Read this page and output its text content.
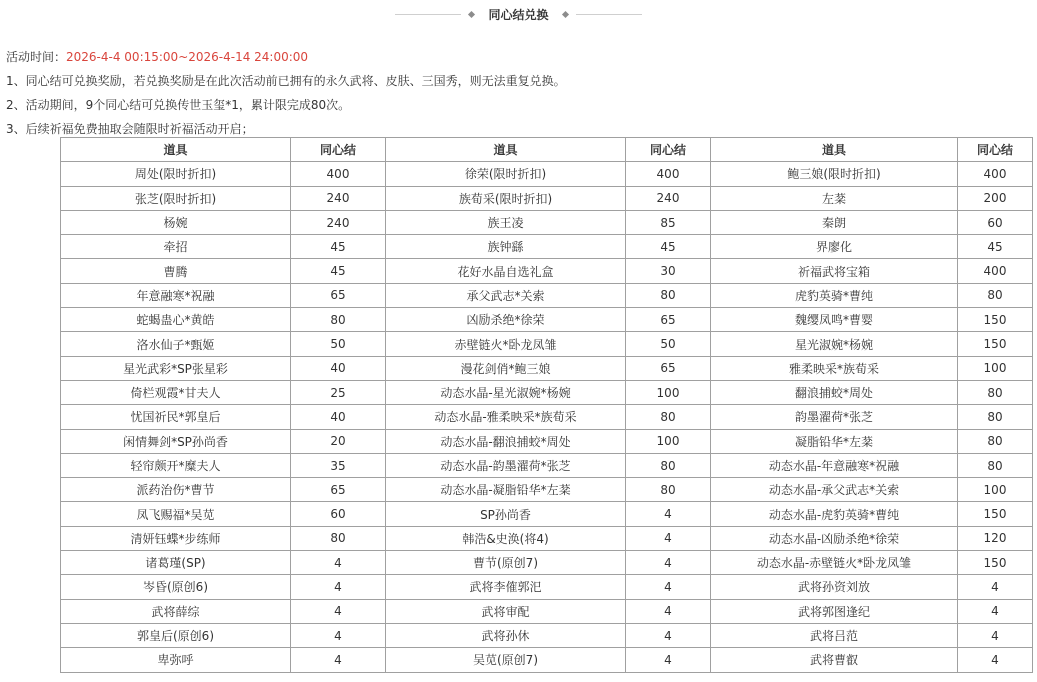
同心结兑换
活动时间：2026-4-4 00:15:00~2026-4-14 24:00:00
1、同心结可兑换奖励，若兑换奖励是在此次活动前已拥有的永久武将、皮肤、三国秀，则无法重复兑换。
2、活动期间，9个同心结可兑换传世玉玺*1，累计限完成80次。
3、后续祈福免费抽取会随限时祈福活动开启；
道具	同心结	道具	同心结	道具	同心结
周处(限时折扣)	400	徐荣(限时折扣)	400	鲍三娘(限时折扣)	400
张芝(限时折扣)	240	族荀采(限时折扣)	240	左棻	200
杨婉	240	族王凌	85	秦朗	60
牵招	45	族钟繇	45	界廖化	45
曹腾	45	花好水晶自选礼盒	30	祈福武将宝箱	400
年意融寒*祝融	65	承父武志*关索	80	虎豹英骑*曹纯	80
蛇蝎蛊心*黄皓	80	凶励杀绝*徐荣	65	魏缨凤鸣*曹婴	150
洛水仙子*甄姬	50	赤壁链火*卧龙凤雏	50	星光淑婉*杨婉	150
星光武彩*SP张星彩	40	漫花剑俏*鲍三娘	65	雅柔映采*族荀采	100
倚栏观霞*甘夫人	25	动态水晶-星光淑婉*杨婉	100	翻浪捕蛟*周处	80
忧国祈民*郭皇后	40	动态水晶-雅柔映采*族荀采	80	韵墨濯荷*张芝	80
闲情舞剑*SP孙尚香	20	动态水晶-翻浪捕蛟*周处	100	凝脂铅华*左棻	80
轻帘颇开*糜夫人	35	动态水晶-韵墨濯荷*张芝	80	动态水晶-年意融寒*祝融	80
派药治伤*曹节	65	动态水晶-凝脂铅华*左棻	80	动态水晶-承父武志*关索	100
凤飞赐福*吴苋	60	SP孙尚香	4	动态水晶-虎豹英骑*曹纯	150
清妍钰蝶*步练师	80	韩浩&史涣(将4)	4	动态水晶-凶励杀绝*徐荣	120
诸葛瑾(SP)	4	曹节(原创7)	4	动态水晶-赤壁链火*卧龙凤雏	150
岑昏(原创6)	4	武将李傕郭汜	4	武将孙资刘放	4
武将薛综	4	武将审配	4	武将郭图逢纪	4
郭皇后(原创6)	4	武将孙休	4	武将吕范	4
卑弥呼	4	吴苋(原创7)	4	武将曹叡	4
